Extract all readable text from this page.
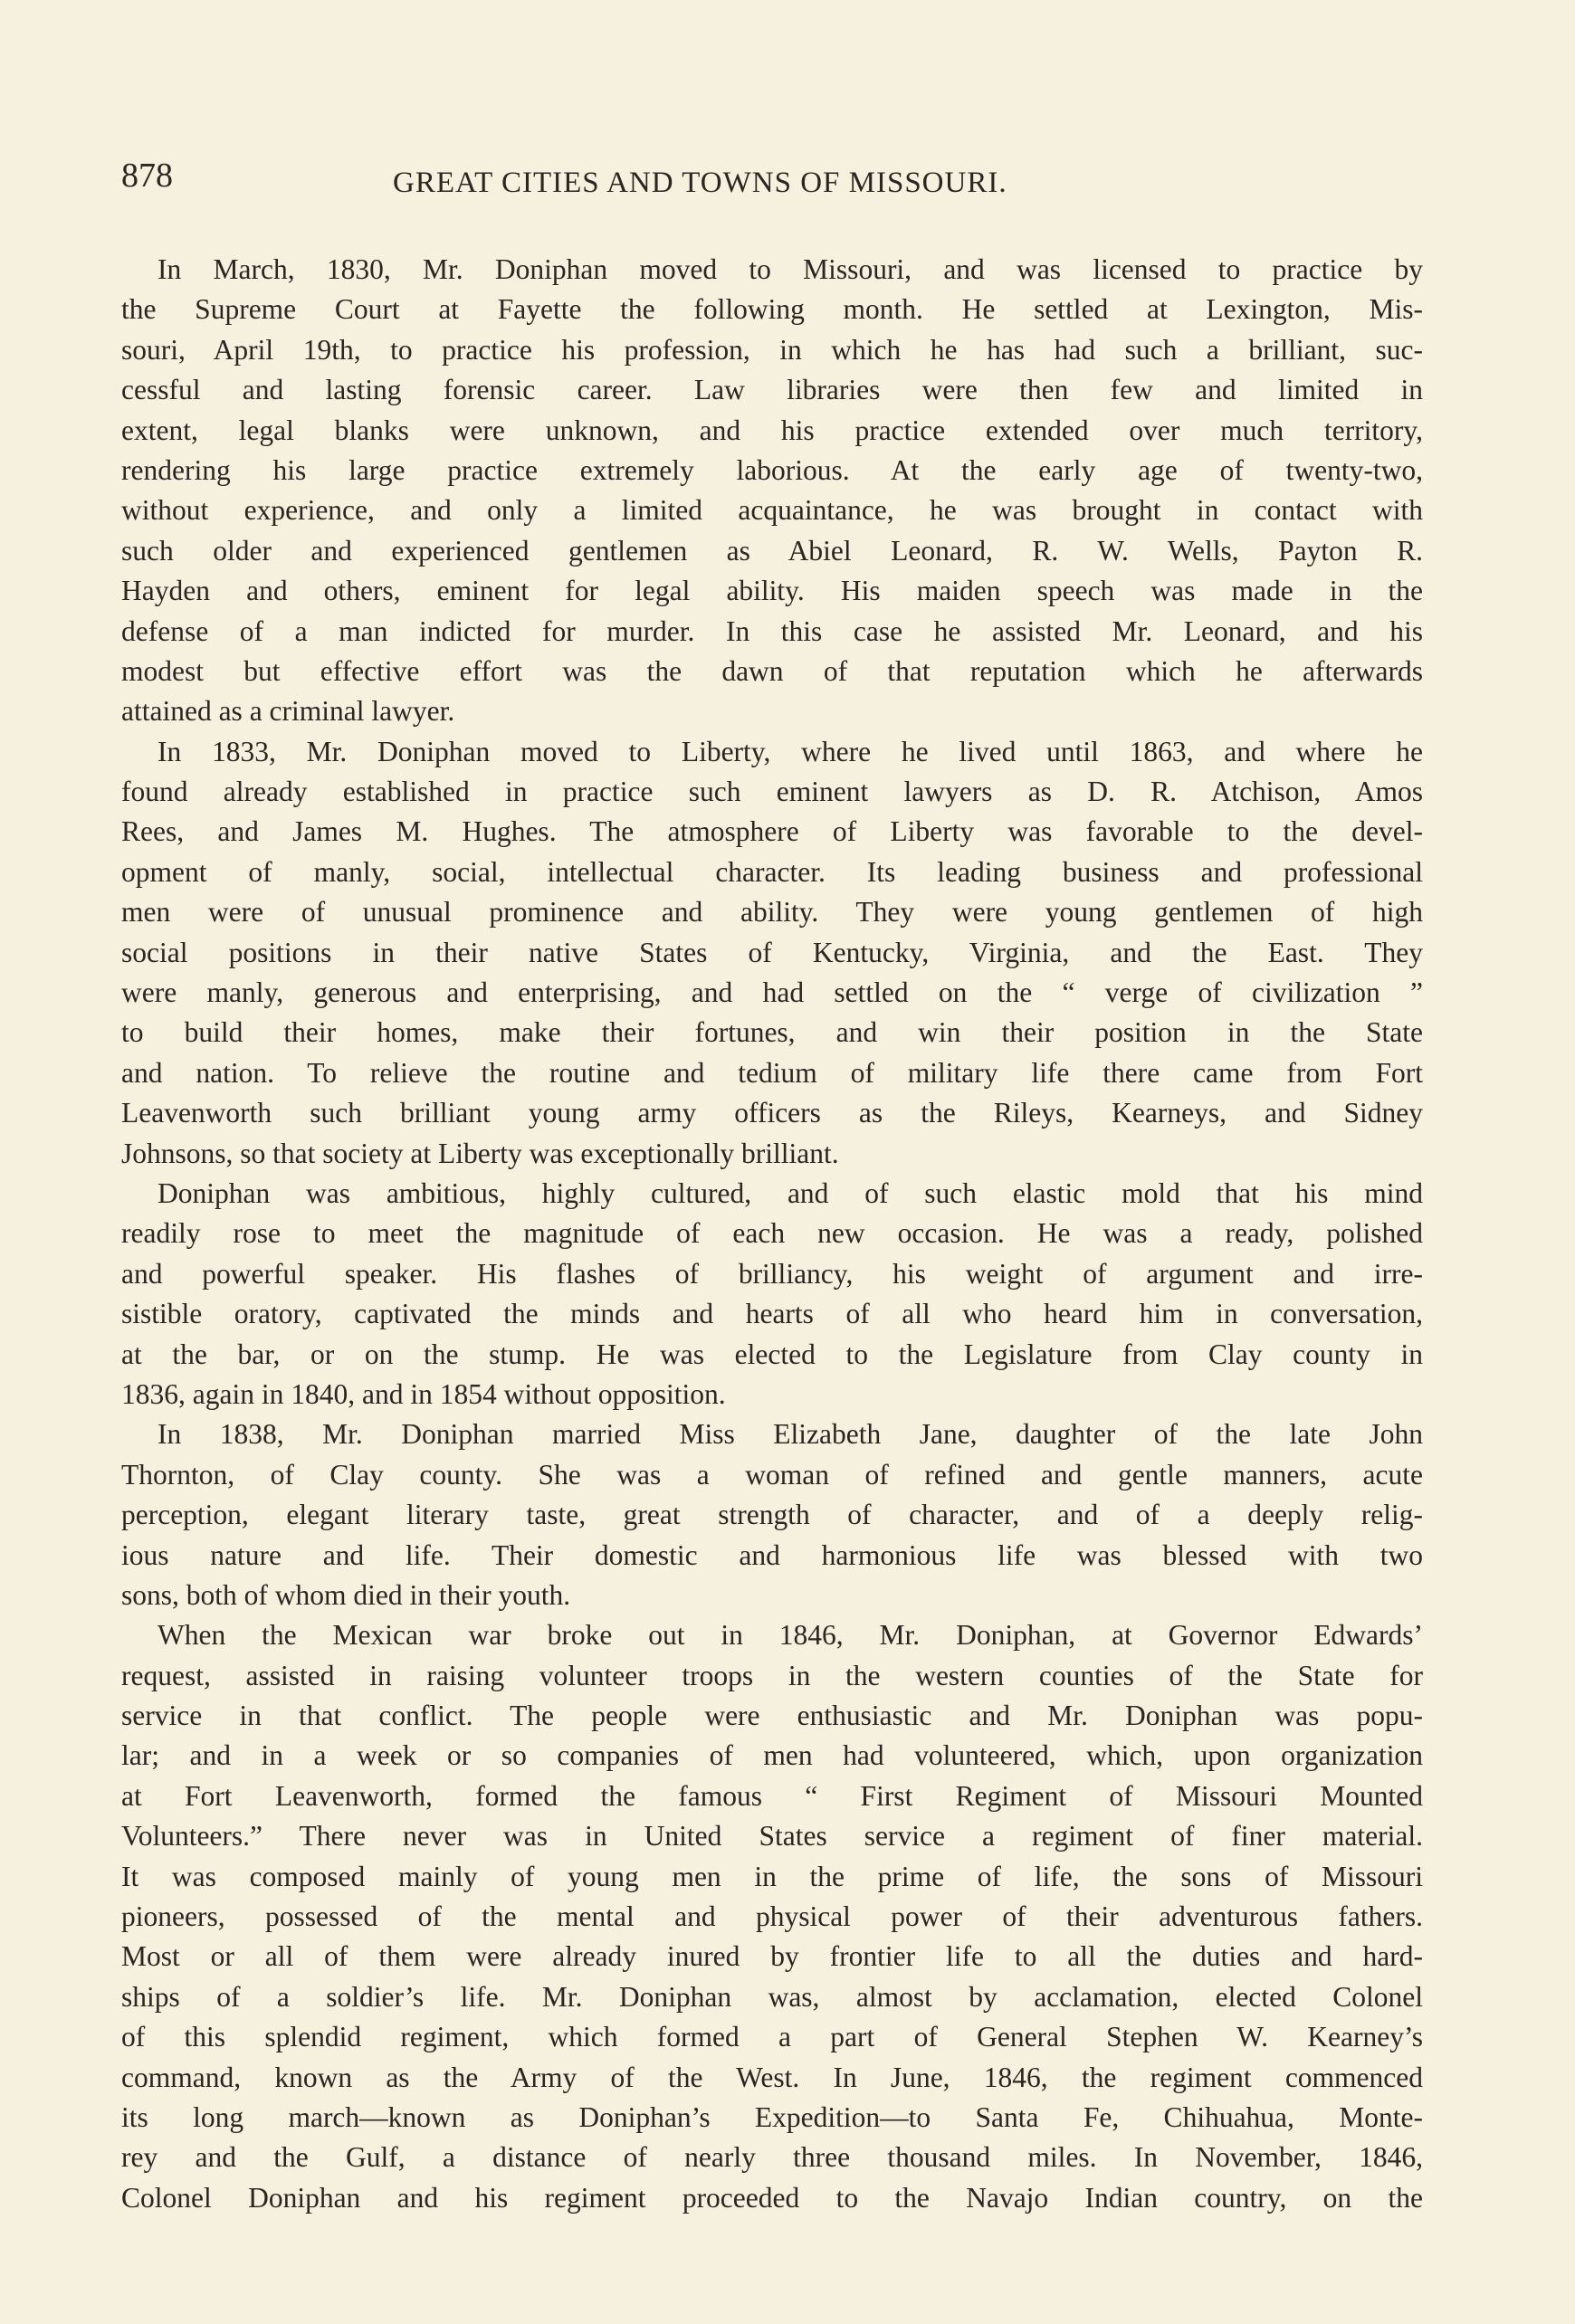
878	GREAT CITIES AND TOWNS OF MISSOURI.
In March, 1830, Mr. Doniphan moved to Missouri, and was licensed to practice by
the Supreme Court at Fayette the following month. He settled at Lexington, Mis-
souri, April 19th, to practice his profession, in which he has had such a brilliant, suc-
cessful and lasting forensic career. Law libraries were then few and limited in
extent, legal blanks were unknown, and his practice extended over much territory,
rendering his large practice extremely laborious. At the early age of twenty-two,
without experience, and only a limited acquaintance, he was brought in contact with
such older and experienced gentlemen as Abiel Leonard, R. W. Wells, Payton R.
Hayden and others, eminent for legal ability. His maiden speech was made in the
defense of a man indicted for murder. In this case he assisted Mr. Leonard, and his
modest but effective effort was the dawn of that reputation which he afterwards
attained as a criminal lawyer.
In 1833, Mr. Doniphan moved to Liberty, where he lived until 1863, and where he
found already established in practice such eminent lawyers as D. R. Atchison, Amos
Rees, and James M. Hughes. The atmosphere of Liberty was favorable to the devel-
opment of manly, social, intellectual character. Its leading business and professional
men were of unusual prominence and ability. They were young gentlemen of high
social positions in their native States of Kentucky, Virginia, and the East. They
were manly, generous and enterprising, and had settled on the “ verge of civilization ”
to build their homes, make their fortunes, and win their position in the State
and nation. To relieve the routine and tedium of military life there came from Fort
Leavenworth such brilliant young army officers as the Rileys, Kearneys, and Sidney
Johnsons, so that society at Liberty was exceptionally brilliant.
Doniphan was ambitious, highly cultured, and of such elastic mold that his mind
readily rose to meet the magnitude of each new occasion. He was a ready, polished
and powerful speaker. His flashes of brilliancy, his weight of argument and irre-
sistible oratory, captivated the minds and hearts of all who heard him in conversation,
at the bar, or on the stump. He was elected to the Legislature from Clay county in
1836, again in 1840, and in 1854 without opposition.
In 1838, Mr. Doniphan married Miss Elizabeth Jane, daughter of the late John
Thornton, of Clay county. She was a woman of refined and gentle manners, acute
perception, elegant literary taste, great strength of character, and of a deeply relig-
ious nature and life. Their domestic and harmonious life was blessed with two
sons, both of whom died in their youth.
When the Mexican war broke out in 1846, Mr. Doniphan, at Governor Edwards’
request, assisted in raising volunteer troops in the western counties of the State for
service in that conflict. The people were enthusiastic and Mr. Doniphan was popu-
lar; and in a week or so companies of men had volunteered, which, upon organization
at Fort Leavenworth, formed the famous “ First Regiment of Missouri Mounted
Volunteers.” There never was in United States service a regiment of finer material.
It was composed mainly of young men in the prime of life, the sons of Missouri
pioneers, possessed of the mental and physical power of their adventurous fathers.
Most or all of them were already inured by frontier life to all the duties and hard-
ships of a soldier’s life. Mr. Doniphan was, almost by acclamation, elected Colonel
of this splendid regiment, which formed a part of General Stephen W. Kearney’s
command, known as the Army of the West. In June, 1846, the regiment commenced
its long march—known as Doniphan’s Expedition—to Santa Fe, Chihuahua, Monte-
rey and the Gulf, a distance of nearly three thousand miles. In November, 1846,
Colonel Doniphan and his regiment proceeded to the Navajo Indian country, on the
